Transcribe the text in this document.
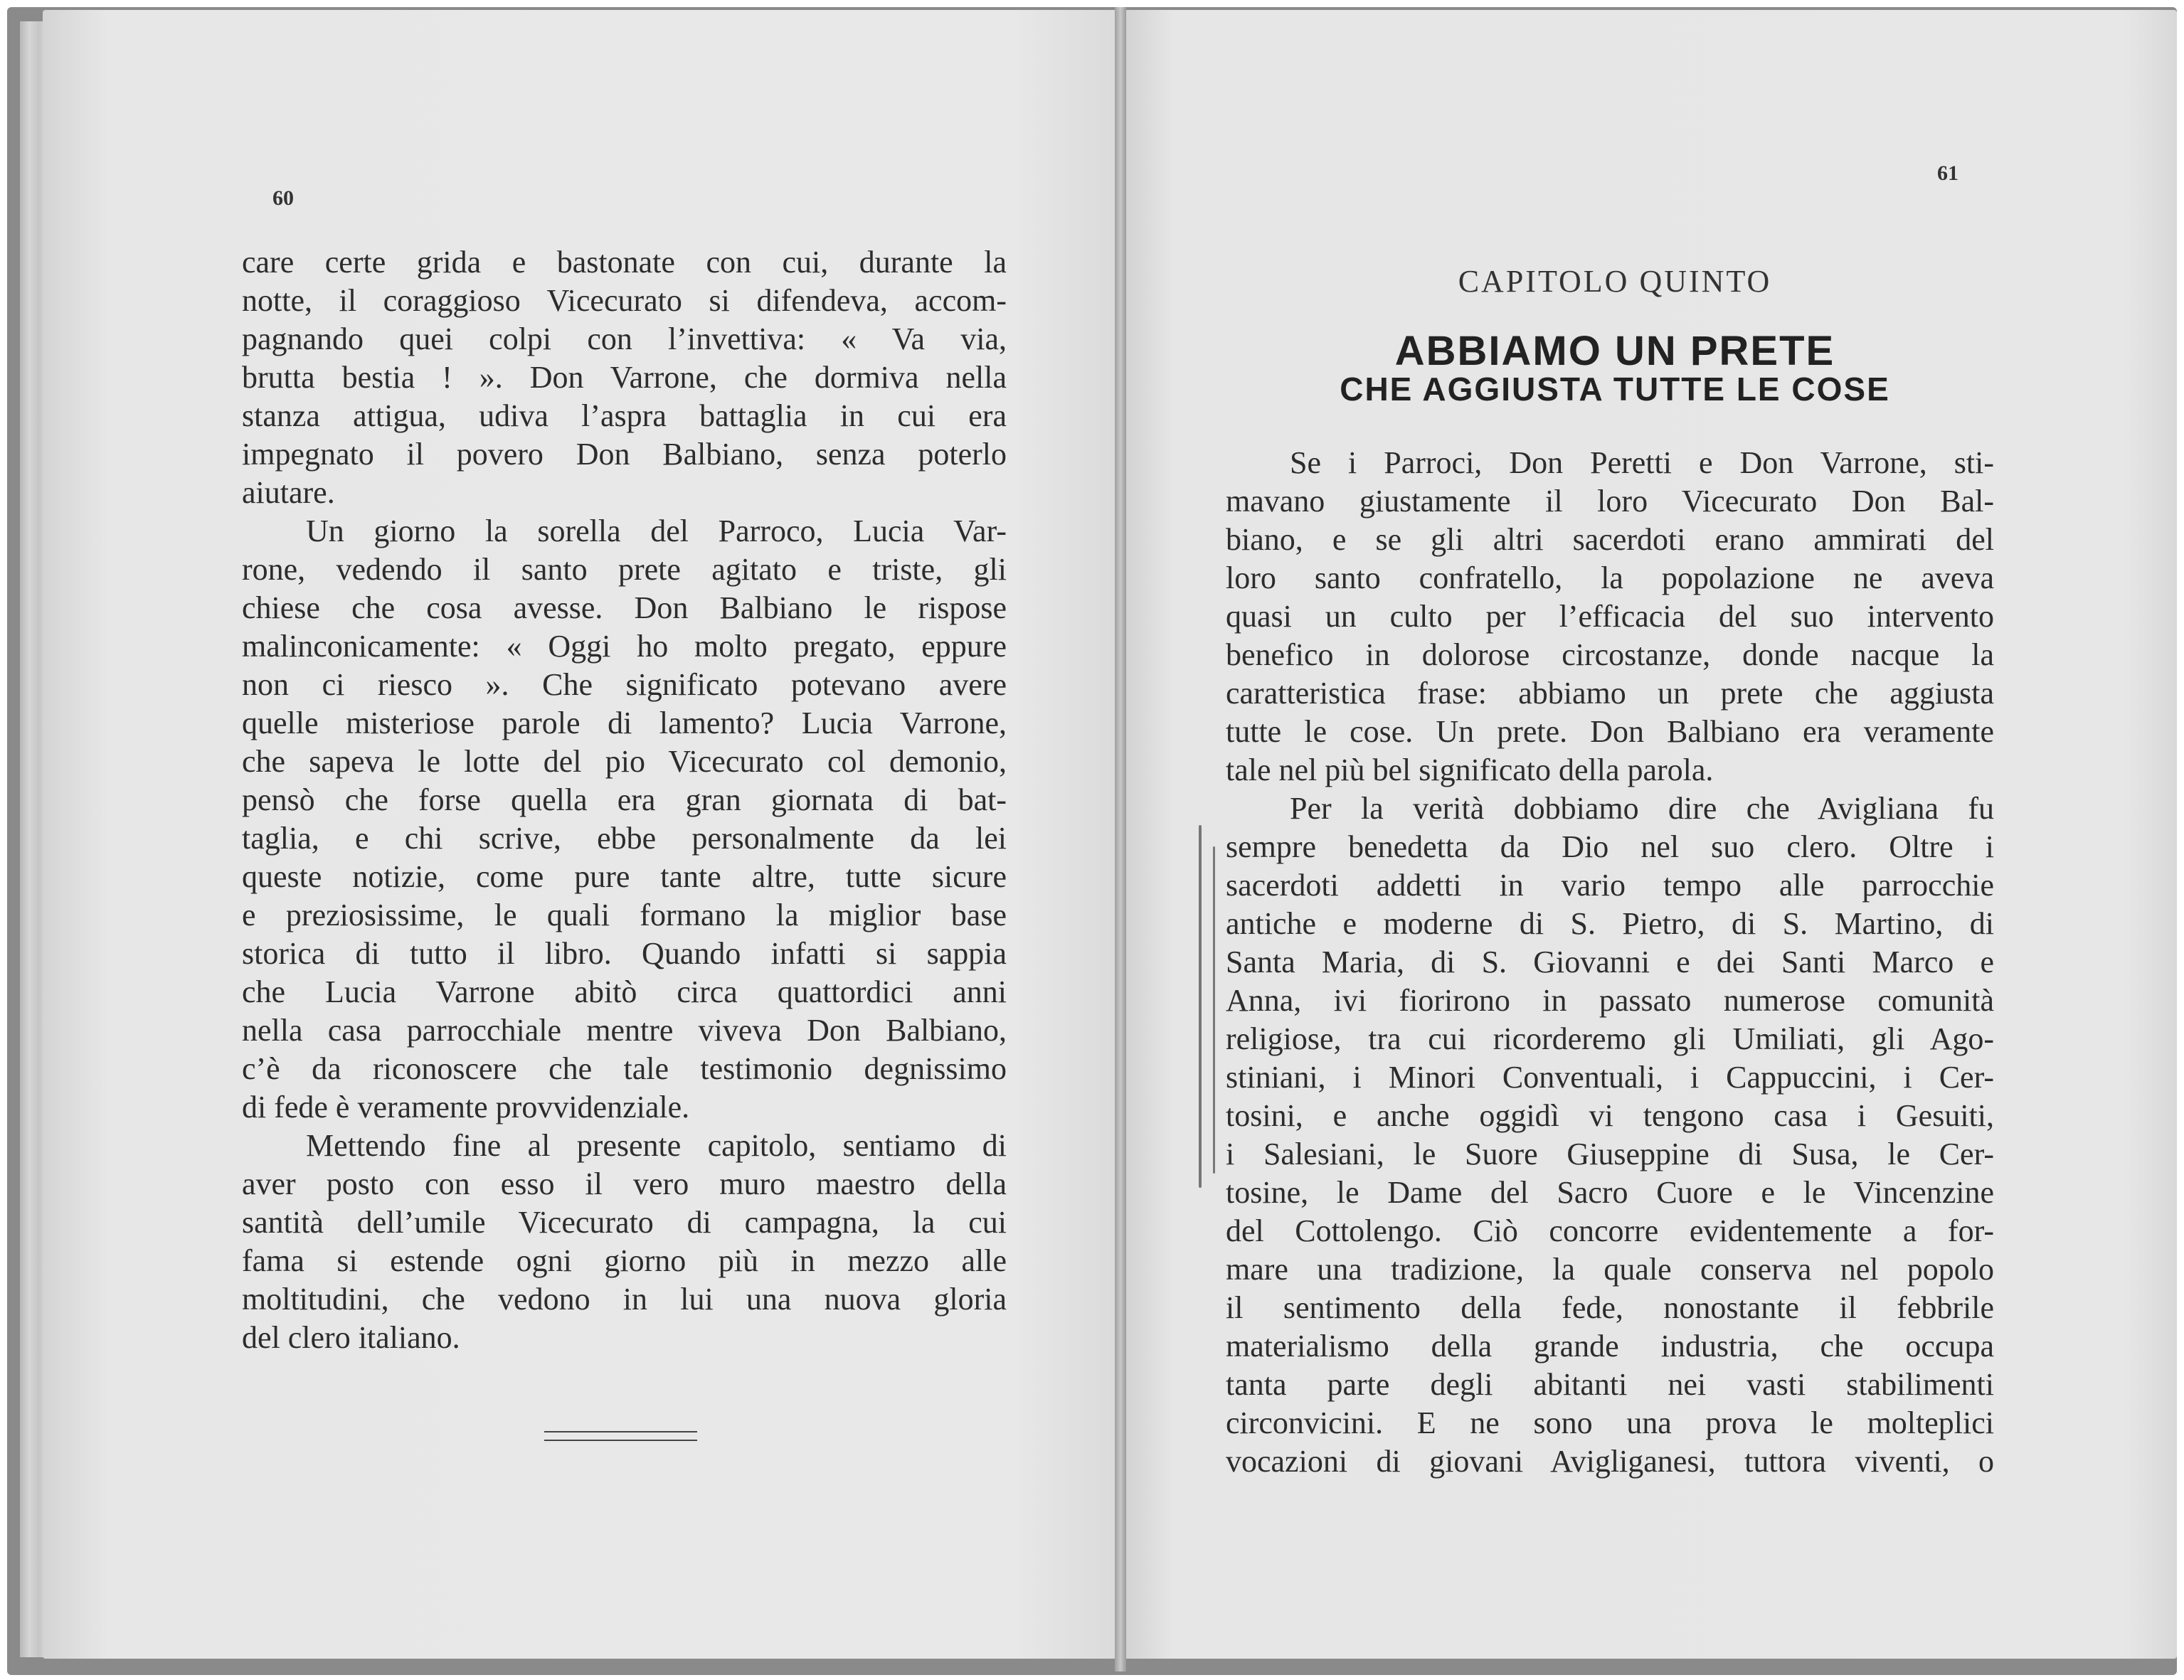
60
61
care certe grida e bastonate con cui, durante la
notte, il coraggioso Vicecurato si difendeva, accom-
pagnando quei colpi con l’invettiva: « Va via,
brutta bestia ! ». Don Varrone, che dormiva nella
stanza attigua, udiva l’aspra battaglia in cui era
impegnato il povero Don Balbiano, senza poterlo
aiutare.
Un giorno la sorella del Parroco, Lucia Var-
rone, vedendo il santo prete agitato e triste, gli
chiese che cosa avesse. Don Balbiano le rispose
malinconicamente: « Oggi ho molto pregato, eppure
non ci riesco ». Che significato potevano avere
quelle misteriose parole di lamento? Lucia Varrone,
che sapeva le lotte del pio Vicecurato col demonio,
pensò che forse quella era gran giornata di bat-
taglia, e chi scrive, ebbe personalmente da lei
queste notizie, come pure tante altre, tutte sicure
e preziosissime, le quali formano la miglior base
storica di tutto il libro. Quando infatti si sappia
che Lucia Varrone abitò circa quattordici anni
nella casa parrocchiale mentre viveva Don Balbiano,
c’è da riconoscere che tale testimonio degnissimo
di fede è veramente provvidenziale.
Mettendo fine al presente capitolo, sentiamo di
aver posto con esso il vero muro maestro della
santità dell’umile Vicecurato di campagna, la cui
fama si estende ogni giorno più in mezzo alle
moltitudini, che vedono in lui una nuova gloria
del clero italiano.
CAPITOLO QUINTO
ABBIAMO UN PRETE
CHE AGGIUSTA TUTTE LE COSE
Se i Parroci, Don Peretti e Don Varrone, sti-
mavano giustamente il loro Vicecurato Don Bal-
biano, e se gli altri sacerdoti erano ammirati del
loro santo confratello, la popolazione ne aveva
quasi un culto per l’efficacia del suo intervento
benefico in dolorose circostanze, donde nacque la
caratteristica frase: abbiamo un prete che aggiusta
tutte le cose. Un prete. Don Balbiano era veramente
tale nel più bel significato della parola.
Per la verità dobbiamo dire che Avigliana fu
sempre benedetta da Dio nel suo clero. Oltre i
sacerdoti addetti in vario tempo alle parrocchie
antiche e moderne di S. Pietro, di S. Martino, di
Santa Maria, di S. Giovanni e dei Santi Marco e
Anna, ivi fiorirono in passato numerose comunità
religiose, tra cui ricorderemo gli Umiliati, gli Ago-
stiniani, i Minori Conventuali, i Cappuccini, i Cer-
tosini, e anche oggidì vi tengono casa i Gesuiti,
i Salesiani, le Suore Giuseppine di Susa, le Cer-
tosine, le Dame del Sacro Cuore e le Vincenzine
del Cottolengo. Ciò concorre evidentemente a for-
mare una tradizione, la quale conserva nel popolo
il sentimento della fede, nonostante il febbrile
materialismo della grande industria, che occupa
tanta parte degli abitanti nei vasti stabilimenti
circonvicini. E ne sono una prova le molteplici
vocazioni di giovani Avigliganesi, tuttora viventi, o
